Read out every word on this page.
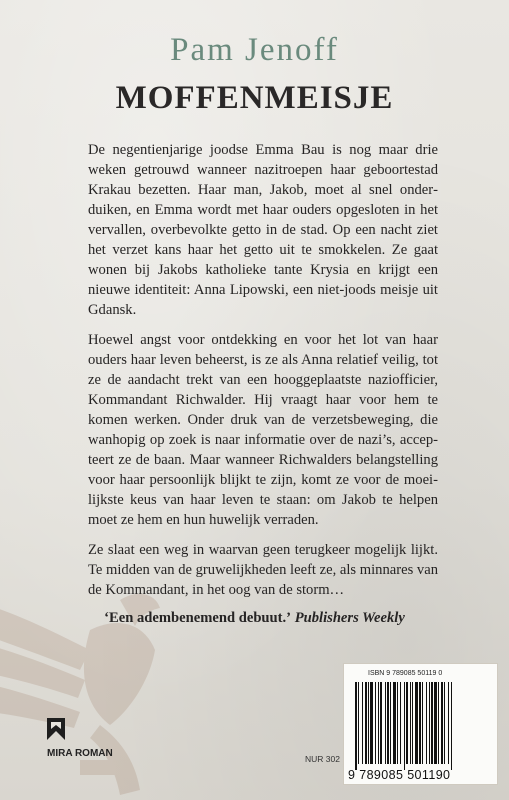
Pam Jenoff
MOFFENMEISJE

De negentienjarige joodse Emma Bau is nog maar drie weken getrouwd wanneer nazitroepen haar geboortestad Krakau bezetten. Haar man, Jakob, moet al snel onderduiken, en Emma wordt met haar ouders opgesloten in het vervallen, overbevolkte getto in de stad. Op een nacht ziet het verzet kans haar het getto uit te smokkelen. Ze gaat wonen bij Jakobs katholieke tante Krysia en krijgt een nieuwe identiteit: Anna Lipowski, een niet-joods meisje uit Gdansk.

Hoewel angst voor ontdekking en voor het lot van haar ouders haar leven beheerst, is ze als Anna relatief veilig, tot ze de aandacht trekt van een hooggeplaatste naziofficier, Kommandant Richwalder. Hij vraagt haar voor hem te komen werken. Onder druk van de verzetsbeweging, die wanhopig op zoek is naar informatie over de nazi’s, accepteert ze de baan. Maar wanneer Richwalders belangstelling voor haar persoonlijk blijkt te zijn, komt ze voor de moeilijkste keus van haar leven te staan: om Jakob te helpen moet ze hem en hun huwelijk verraden.

Ze slaat een weg in waarvan geen terugkeer mogelijk lijkt. Te midden van de gruwelijkheden leeft ze, als minnares van de Kommandant, in het oog van de storm…

‘Een adembenemend debuut.’ Publishers Weekly
ISBN 9 789085 50119 0
9 789085 501190
NUR 302
MIRA ROMAN
